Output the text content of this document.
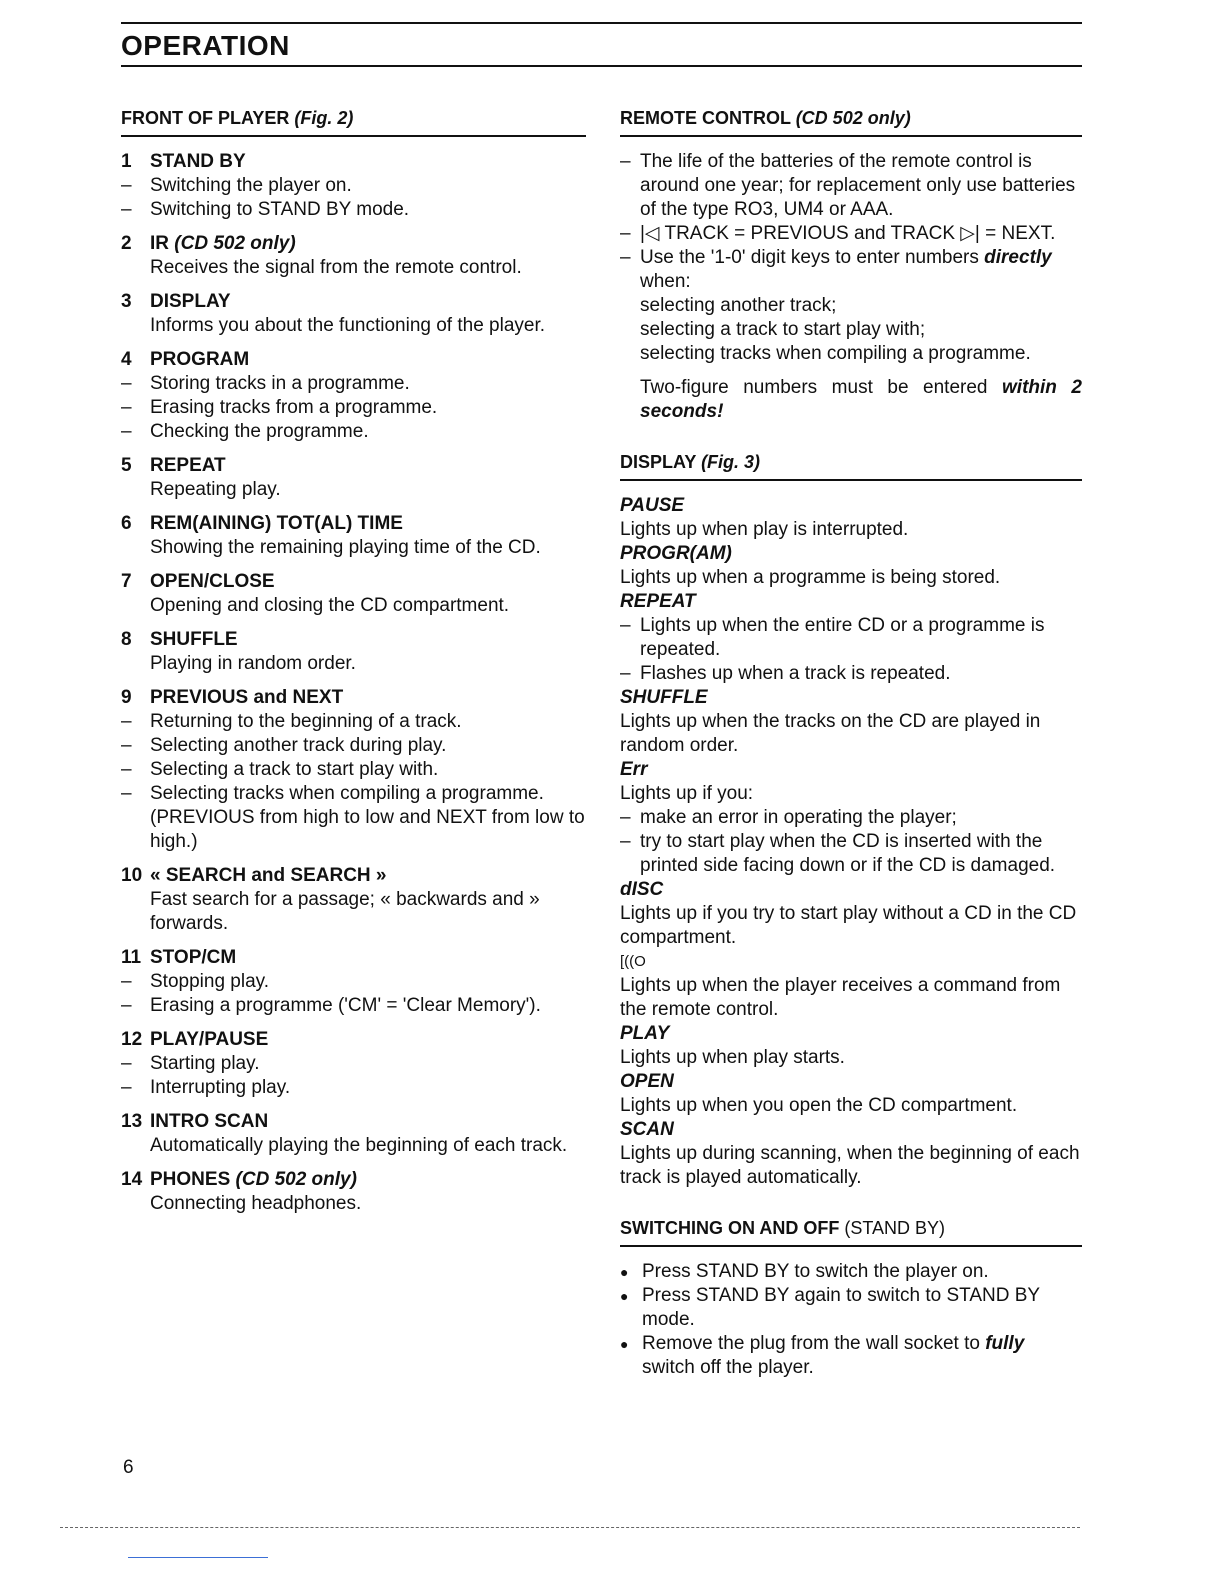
OPERATION
FRONT OF PLAYER (Fig. 2)
1 STAND BY
– Switching the player on.
– Switching to STAND BY mode.
2 IR (CD 502 only)
Receives the signal from the remote control.
3 DISPLAY
Informs you about the functioning of the player.
4 PROGRAM
– Storing tracks in a programme.
– Erasing tracks from a programme.
– Checking the programme.
5 REPEAT
Repeating play.
6 REM(AINING) TOT(AL) TIME
Showing the remaining playing time of the CD.
7 OPEN/CLOSE
Opening and closing the CD compartment.
8 SHUFFLE
Playing in random order.
9 PREVIOUS and NEXT
– Returning to the beginning of a track.
– Selecting another track during play.
– Selecting a track to start play with.
– Selecting tracks when compiling a programme. (PREVIOUS from high to low and NEXT from low to high.)
10 « SEARCH and SEARCH »
Fast search for a passage; « backwards and » forwards.
11 STOP/CM
– Stopping play.
– Erasing a programme ('CM' = 'Clear Memory').
12 PLAY/PAUSE
– Starting play.
– Interrupting play.
13 INTRO SCAN
Automatically playing the beginning of each track.
14 PHONES (CD 502 only)
Connecting headphones.
REMOTE CONTROL (CD 502 only)
– The life of the batteries of the remote control is around one year; for replacement only use batteries of the type RO3, UM4 or AAA.
– |◁ TRACK = PREVIOUS and TRACK ▷| = NEXT.
– Use the '1-0' digit keys to enter numbers directly when:
selecting another track;
selecting a track to start play with;
selecting tracks when compiling a programme.
Two-figure numbers must be entered within 2 seconds!
DISPLAY (Fig. 3)
PAUSE
Lights up when play is interrupted.
PROGR(AM)
Lights up when a programme is being stored.
REPEAT
– Lights up when the entire CD or a programme is repeated.
– Flashes up when a track is repeated.
SHUFFLE
Lights up when the tracks on the CD are played in random order.
Err
Lights up if you:
– make an error in operating the player;
– try to start play when the CD is inserted with the printed side facing down or if the CD is damaged.
dISC
Lights up if you try to start play without a CD in the CD compartment.
[((O
Lights up when the player receives a command from the remote control.
PLAY
Lights up when play starts.
OPEN
Lights up when you open the CD compartment.
SCAN
Lights up during scanning, when the beginning of each track is played automatically.
SWITCHING ON AND OFF (STAND BY)
● Press STAND BY to switch the player on.
● Press STAND BY again to switch to STAND BY mode.
● Remove the plug from the wall socket to fully switch off the player.
6
